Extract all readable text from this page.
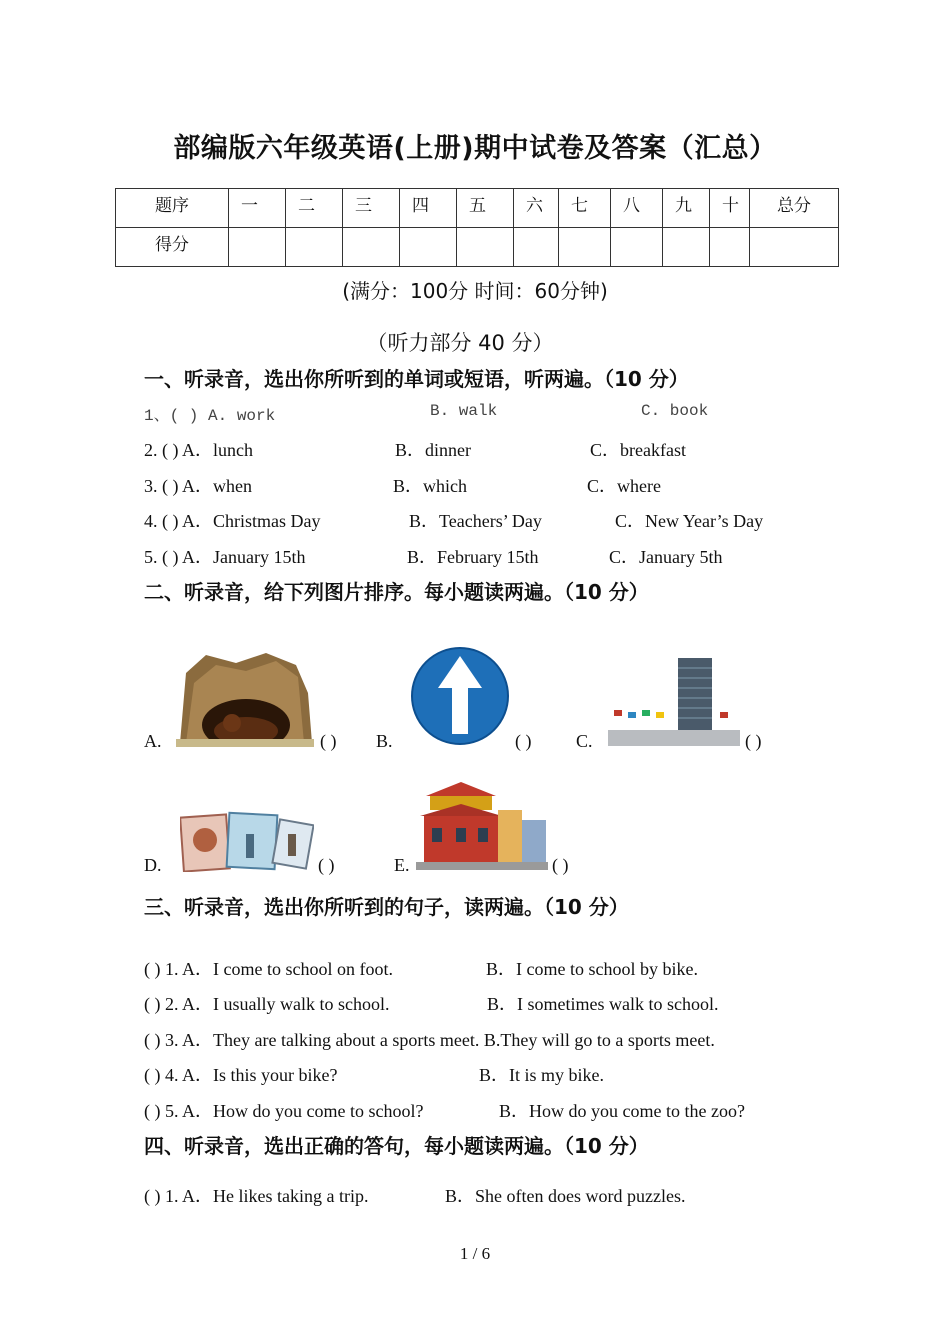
部编版六年级英语(上册)期中试卷及答案（汇总）
题序	一	二	三	四	五	六	七	八	九	十	总分
得分											
(满分：100分 时间：60分钟)
（听力部分 40 分）
一、听录音，选出你所听到的单词或短语，听两遍。（10 分）
1、( ) A. work	B. walk	C. book
2. ( ) A．lunch	B．dinner	C．breakfast
3. ( ) A．when	B．which	C．where
4. ( ) A．Christmas Day	B．Teachers’ Day	C．New Year’s Day
5. ( ) A．January 15th	B．February 15th	C．January 5th
二、听录音，给下列图片排序。每小题读两遍。（10 分）
A.	( ) B.	( ) C.	( )
D.	( )	E.	( )
三、听录音，选出你所听到的句子，读两遍。（10 分）
( ) 1. A．I come to school on foot.	B．I come to school by bike.
( ) 2. A．I usually walk to school.	B．I sometimes walk to school.
( ) 3. A．They are talking about a sports meet. B.They will go to a sports meet.
( ) 4. A．Is this your bike?	B．It is my bike.
( ) 5. A．How do you come to school?	B．How do you come to the zoo?
四、听录音，选出正确的答句，每小题读两遍。（10 分）
( ) 1. A．He likes taking a trip.	B．She often does word puzzles.
1 / 6
